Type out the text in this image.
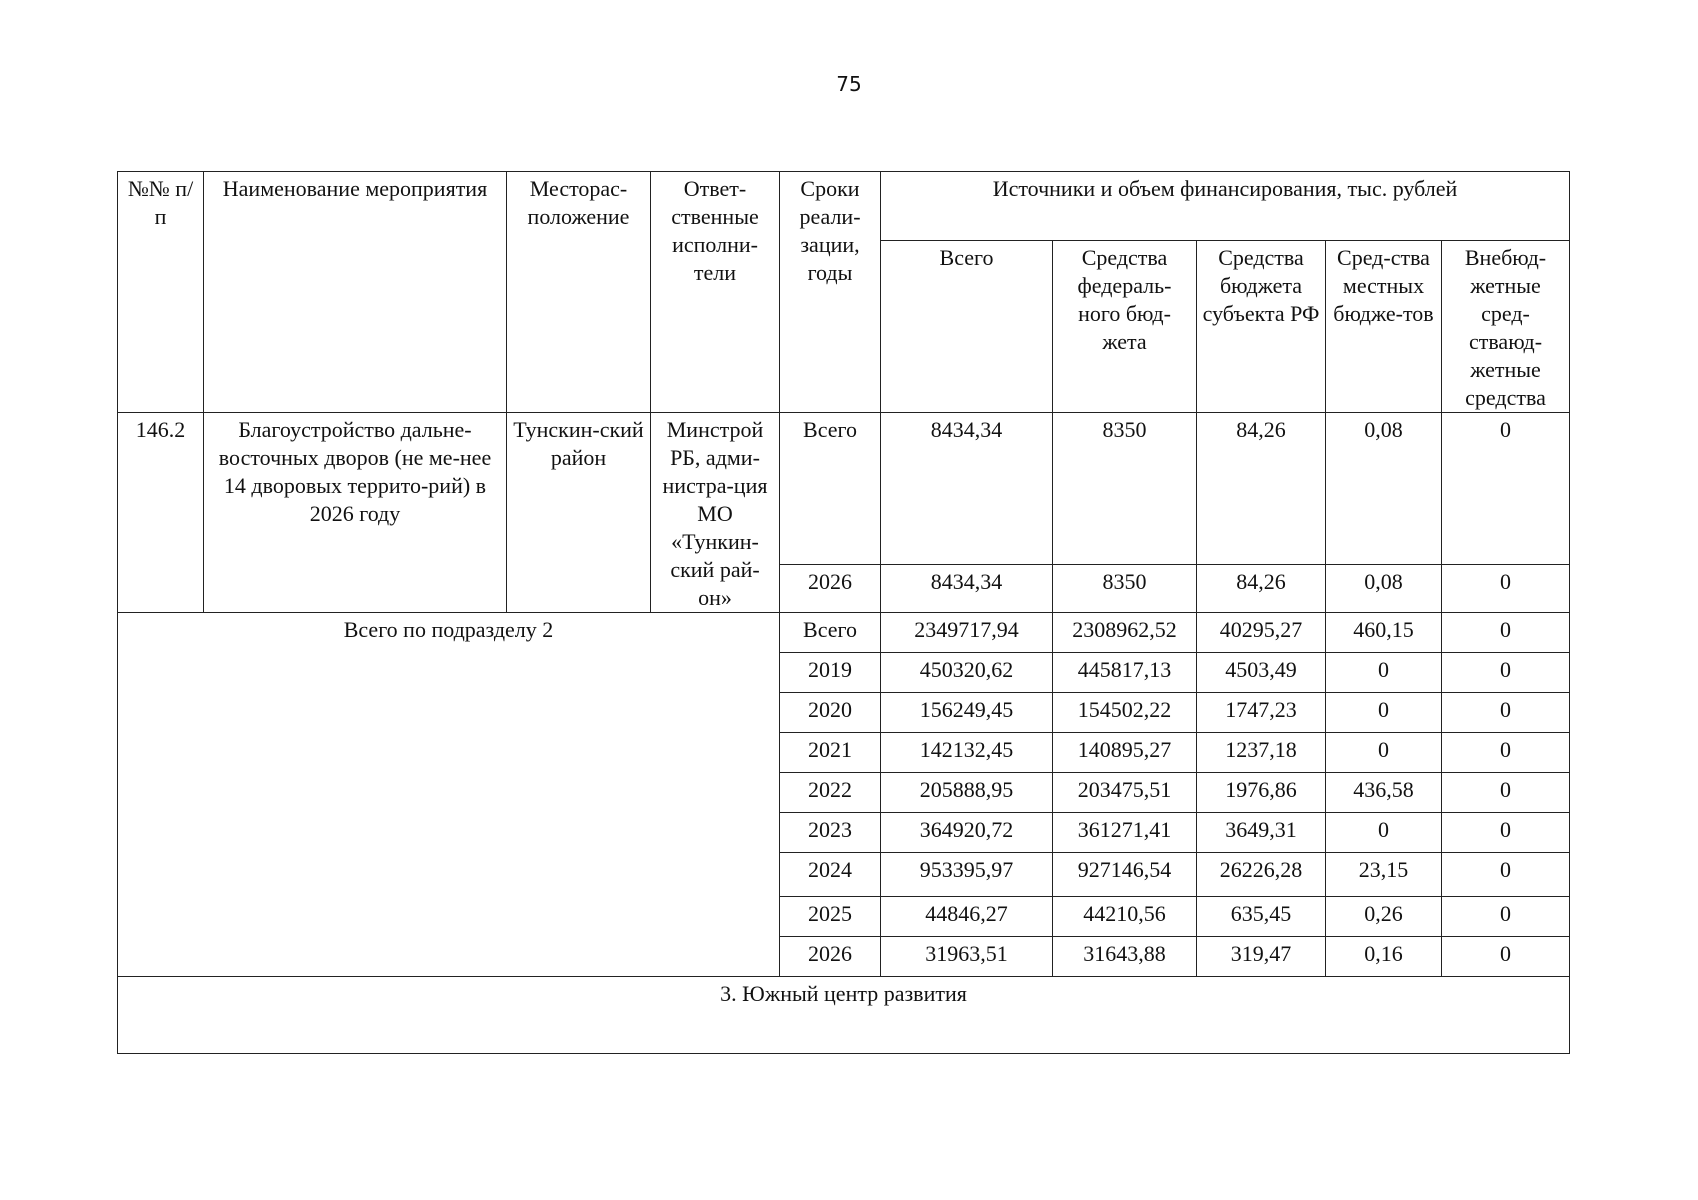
75
№№ п/п	Наименование мероприятия	Месторас-положение	Ответ-ственные исполни-тели	Сроки реали-зации, годы	Источники и объем финансирования, тыс. рублей				
					Всего	Средства федераль-ного бюд-жета	Средства бюджета субъекта РФ	Сред-ства местных бюдже-тов	Внебюд-жетные сред-стваюд-жетные средства
146.2	Благоустройство дальне-восточных дворов (не ме-нее 14 дворовых террито-рий) в 2026 году	Тунскин-ский район	Минстрой РБ, адми-нистра-ция МО «Тункин-ский рай-он»	Всего	8434,34	8350	84,26	0,08	0
				2026	8434,34	8350	84,26	0,08	0
Всего по подразделу 2				Всего	2349717,94	2308962,52	40295,27	460,15	0
				2019	450320,62	445817,13	4503,49	0	0
				2020	156249,45	154502,22	1747,23	0	0
				2021	142132,45	140895,27	1237,18	0	0
				2022	205888,95	203475,51	1976,86	436,58	0
				2023	364920,72	361271,41	3649,31	0	0
				2024	953395,97	927146,54	26226,28	23,15	0
				2025	44846,27	44210,56	635,45	0,26	0
				2026	31963,51	31643,88	319,47	0,16	0
3. Южный центр развития									
